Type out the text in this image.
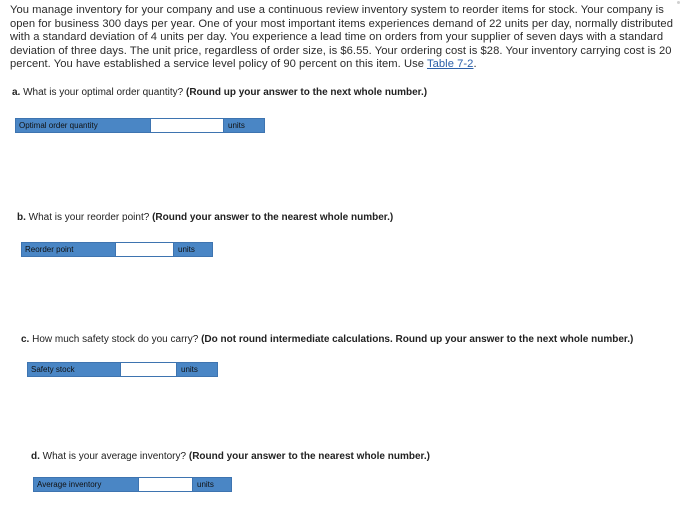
You manage inventory for your company and use a continuous review inventory system to reorder items for stock. Your company is open for business 300 days per year. One of your most important items experiences demand of 22 units per day, normally distributed with a standard deviation of 4 units per day. You experience a lead time on orders from your supplier of seven days with a standard deviation of three days. The unit price, regardless of order size, is $6.55. Your ordering cost is $28. Your inventory carrying cost is 20 percent. You have established a service level policy of 90 percent on this item. Use Table 7-2.
a. What is your optimal order quantity? (Round up your answer to the next whole number.)
Optimal order quantity	units
b. What is your reorder point? (Round your answer to the nearest whole number.)
Reorder point	units
c. How much safety stock do you carry? (Do not round intermediate calculations. Round up your answer to the next whole number.)
Safety stock	units
d. What is your average inventory? (Round your answer to the nearest whole number.)
Average inventory	units
